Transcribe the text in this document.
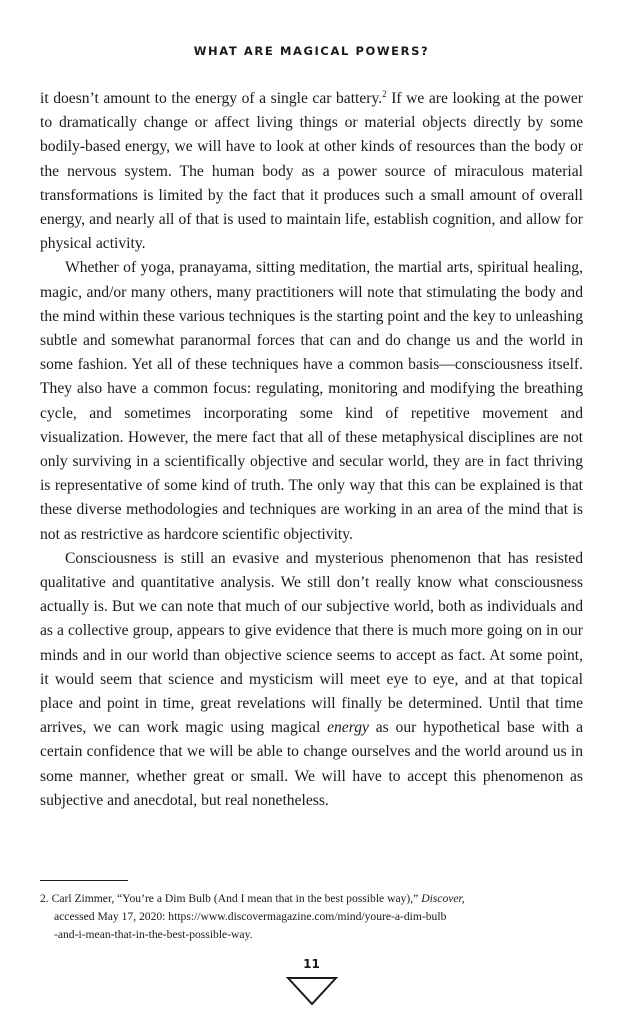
WHAT ARE MAGICAL POWERS?

it doesn’t amount to the energy of a single car battery.$^2$ If we are looking at the power to dramatically change or affect living things or material objects directly by some bodily-based energy, we will have to look at other kinds of resources than the body or the nervous system. The human body as a power source of miraculous material transformations is limited by the fact that it produces such a small amount of overall energy, and nearly all of that is used to maintain life, establish cognition, and allow for physical activity.

Whether of yoga, pranayama, sitting meditation, the martial arts, spiritual healing, magic, and/or many others, many practitioners will note that stimulating the body and the mind within these various techniques is the starting point and the key to unleashing subtle and somewhat paranormal forces that can and do change us and the world in some fashion. Yet all of these techniques have a common basis—consciousness itself. They also have a common focus: regulating, monitoring and modifying the breathing cycle, and sometimes incorporating some kind of repetitive movement and visualization. However, the mere fact that all of these metaphysical disciplines are not only surviving in a scientifically objective and secular world, they are in fact thriving is representative of some kind of truth. The only way that this can be explained is that these diverse methodologies and techniques are working in an area of the mind that is not as restrictive as hardcore scientific objectivity.

Consciousness is still an evasive and mysterious phenomenon that has resisted qualitative and quantitative analysis. We still don’t really know what consciousness actually is. But we can note that much of our subjective world, both as individuals and as a collective group, appears to give evidence that there is much more going on in our minds and in our world than objective science seems to accept as fact. At some point, it would seem that science and mysticism will meet eye to eye, and at that topical place and point in time, great revelations will finally be determined. Until that time arrives, we can work magic using magical energy as our hypothetical base with a certain confidence that we will be able to change ourselves and the world around us in some manner, whether great or small. We will have to accept this phenomenon as subjective and anecdotal, but real nonetheless.

2. Carl Zimmer, “You’re a Dim Bulb (And I mean that in the best possible way),” Discover,
accessed May 17, 2020: https://www.discovermagazine.com/mind/youre-a-dim-bulb
-and-i-mean-that-in-the-best-possible-way.
11
